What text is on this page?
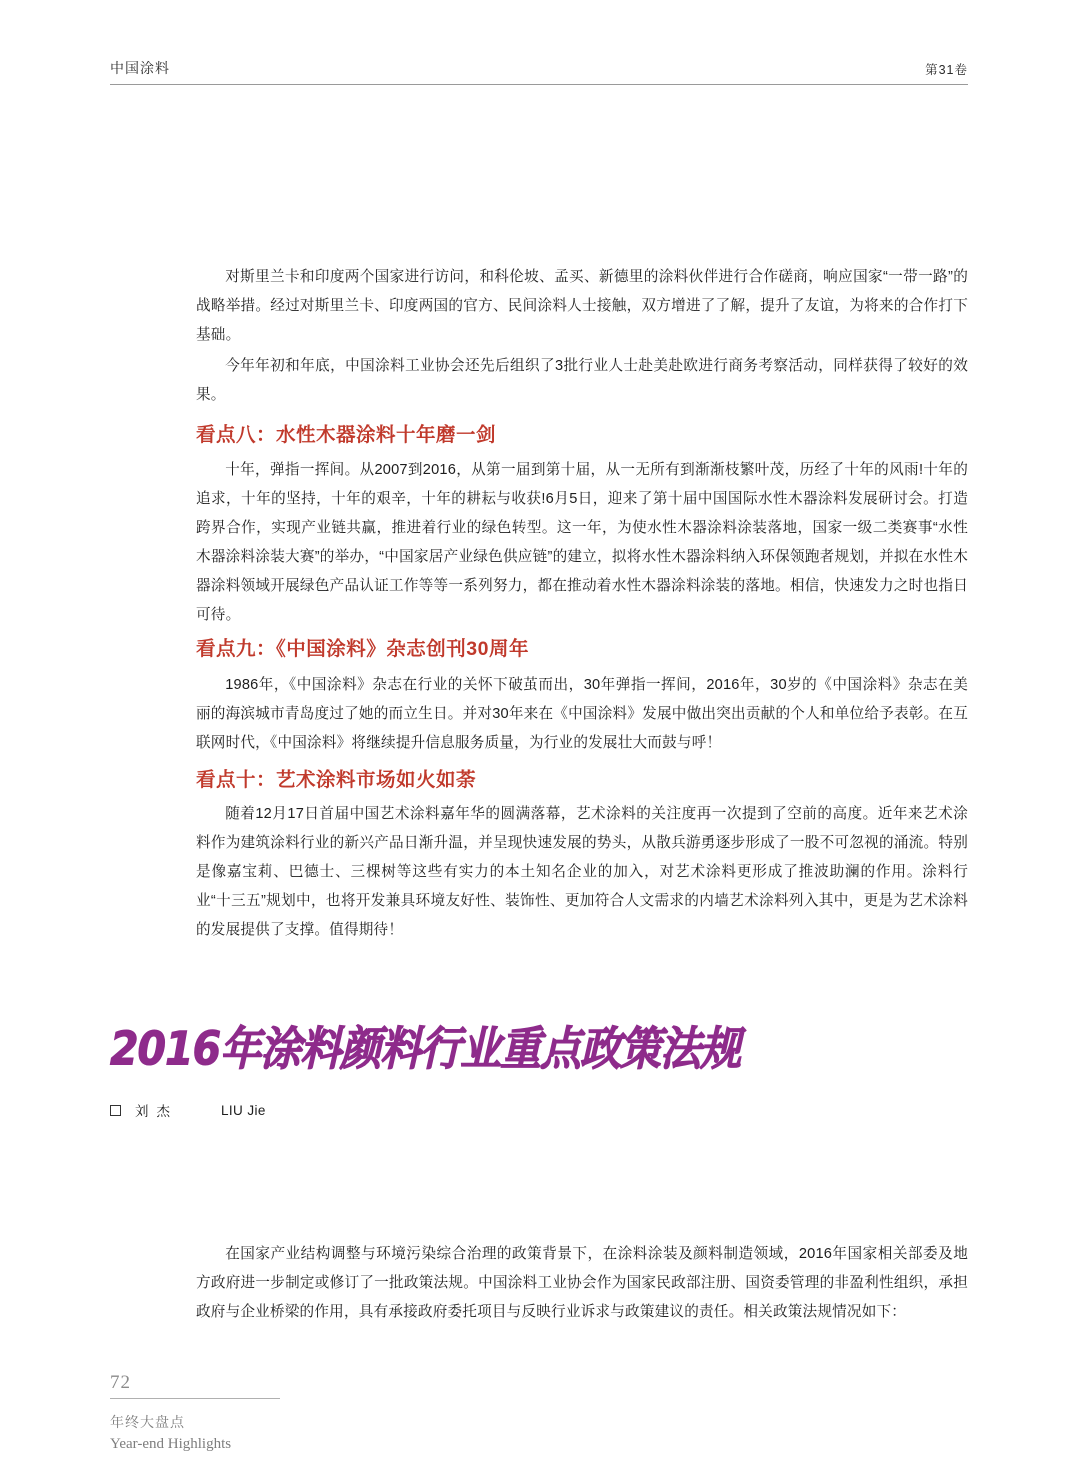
中国涂料	第31卷

对斯里兰卡和印度两个国家进行访问，和科伦坡、孟买、新德里的涂料伙伴进行合作磋商，响应国家“一带一路”的战略举措。经过对斯里兰卡、印度两国的官方、民间涂料人士接触，双方增进了了解，提升了友谊，为将来的合作打下基础。

今年年初和年底，中国涂料工业协会还先后组织了3批行业人士赴美赴欧进行商务考察活动，同样获得了较好的效果。

看点八：水性木器涂料十年磨一剑

十年，弹指一挥间。从2007到2016，从第一届到第十届，从一无所有到渐渐枝繁叶茂，历经了十年的风雨!十年的追求，十年的坚持，十年的艰辛，十年的耕耘与收获!6月5日，迎来了第十届中国国际水性木器涂料发展研讨会。打造跨界合作，实现产业链共赢，推进着行业的绿色转型。这一年，为使水性木器涂料涂装落地，国家一级二类赛事“水性木器涂料涂装大赛”的举办，“中国家居产业绿色供应链”的建立，拟将水性木器涂料纳入环保领跑者规划，并拟在水性木器涂料领域开展绿色产品认证工作等等一系列努力，都在推动着水性木器涂料涂装的落地。相信，快速发力之时也指日可待。

看点九：《中国涂料》杂志创刊30周年

1986年，《中国涂料》杂志在行业的关怀下破茧而出，30年弹指一挥间，2016年，30岁的《中国涂料》杂志在美丽的海滨城市青岛度过了她的而立生日。并对30年来在《中国涂料》发展中做出突出贡献的个人和单位给予表彰。在互联网时代，《中国涂料》将继续提升信息服务质量，为行业的发展壮大而鼓与呼！

看点十：艺术涂料市场如火如荼

随着12月17日首届中国艺术涂料嘉年华的圆满落幕，艺术涂料的关注度再一次提到了空前的高度。近年来艺术涂料作为建筑涂料行业的新兴产品日渐升温，并呈现快速发展的势头，从散兵游勇逐步形成了一股不可忽视的涌流。特别是像嘉宝莉、巴德士、三棵树等这些有实力的本土知名企业的加入，对艺术涂料更形成了推波助澜的作用。涂料行业“十三五”规划中，也将开发兼具环境友好性、装饰性、更加符合人文需求的内墙艺术涂料列入其中，更是为艺术涂料的发展提供了支撑。值得期待！

2016年涂料颜料行业重点政策法规
刘杰	LIU Jie

在国家产业结构调整与环境污染综合治理的政策背景下，在涂料涂装及颜料制造领域，2016年国家相关部委及地方政府进一步制定或修订了一批政策法规。中国涂料工业协会作为国家民政部注册、国资委管理的非盈利性组织，承担政府与企业桥梁的作用，具有承接政府委托项目与反映行业诉求与政策建议的责任。相关政策法规情况如下：

72
年终大盘点
Year-end Highlights
